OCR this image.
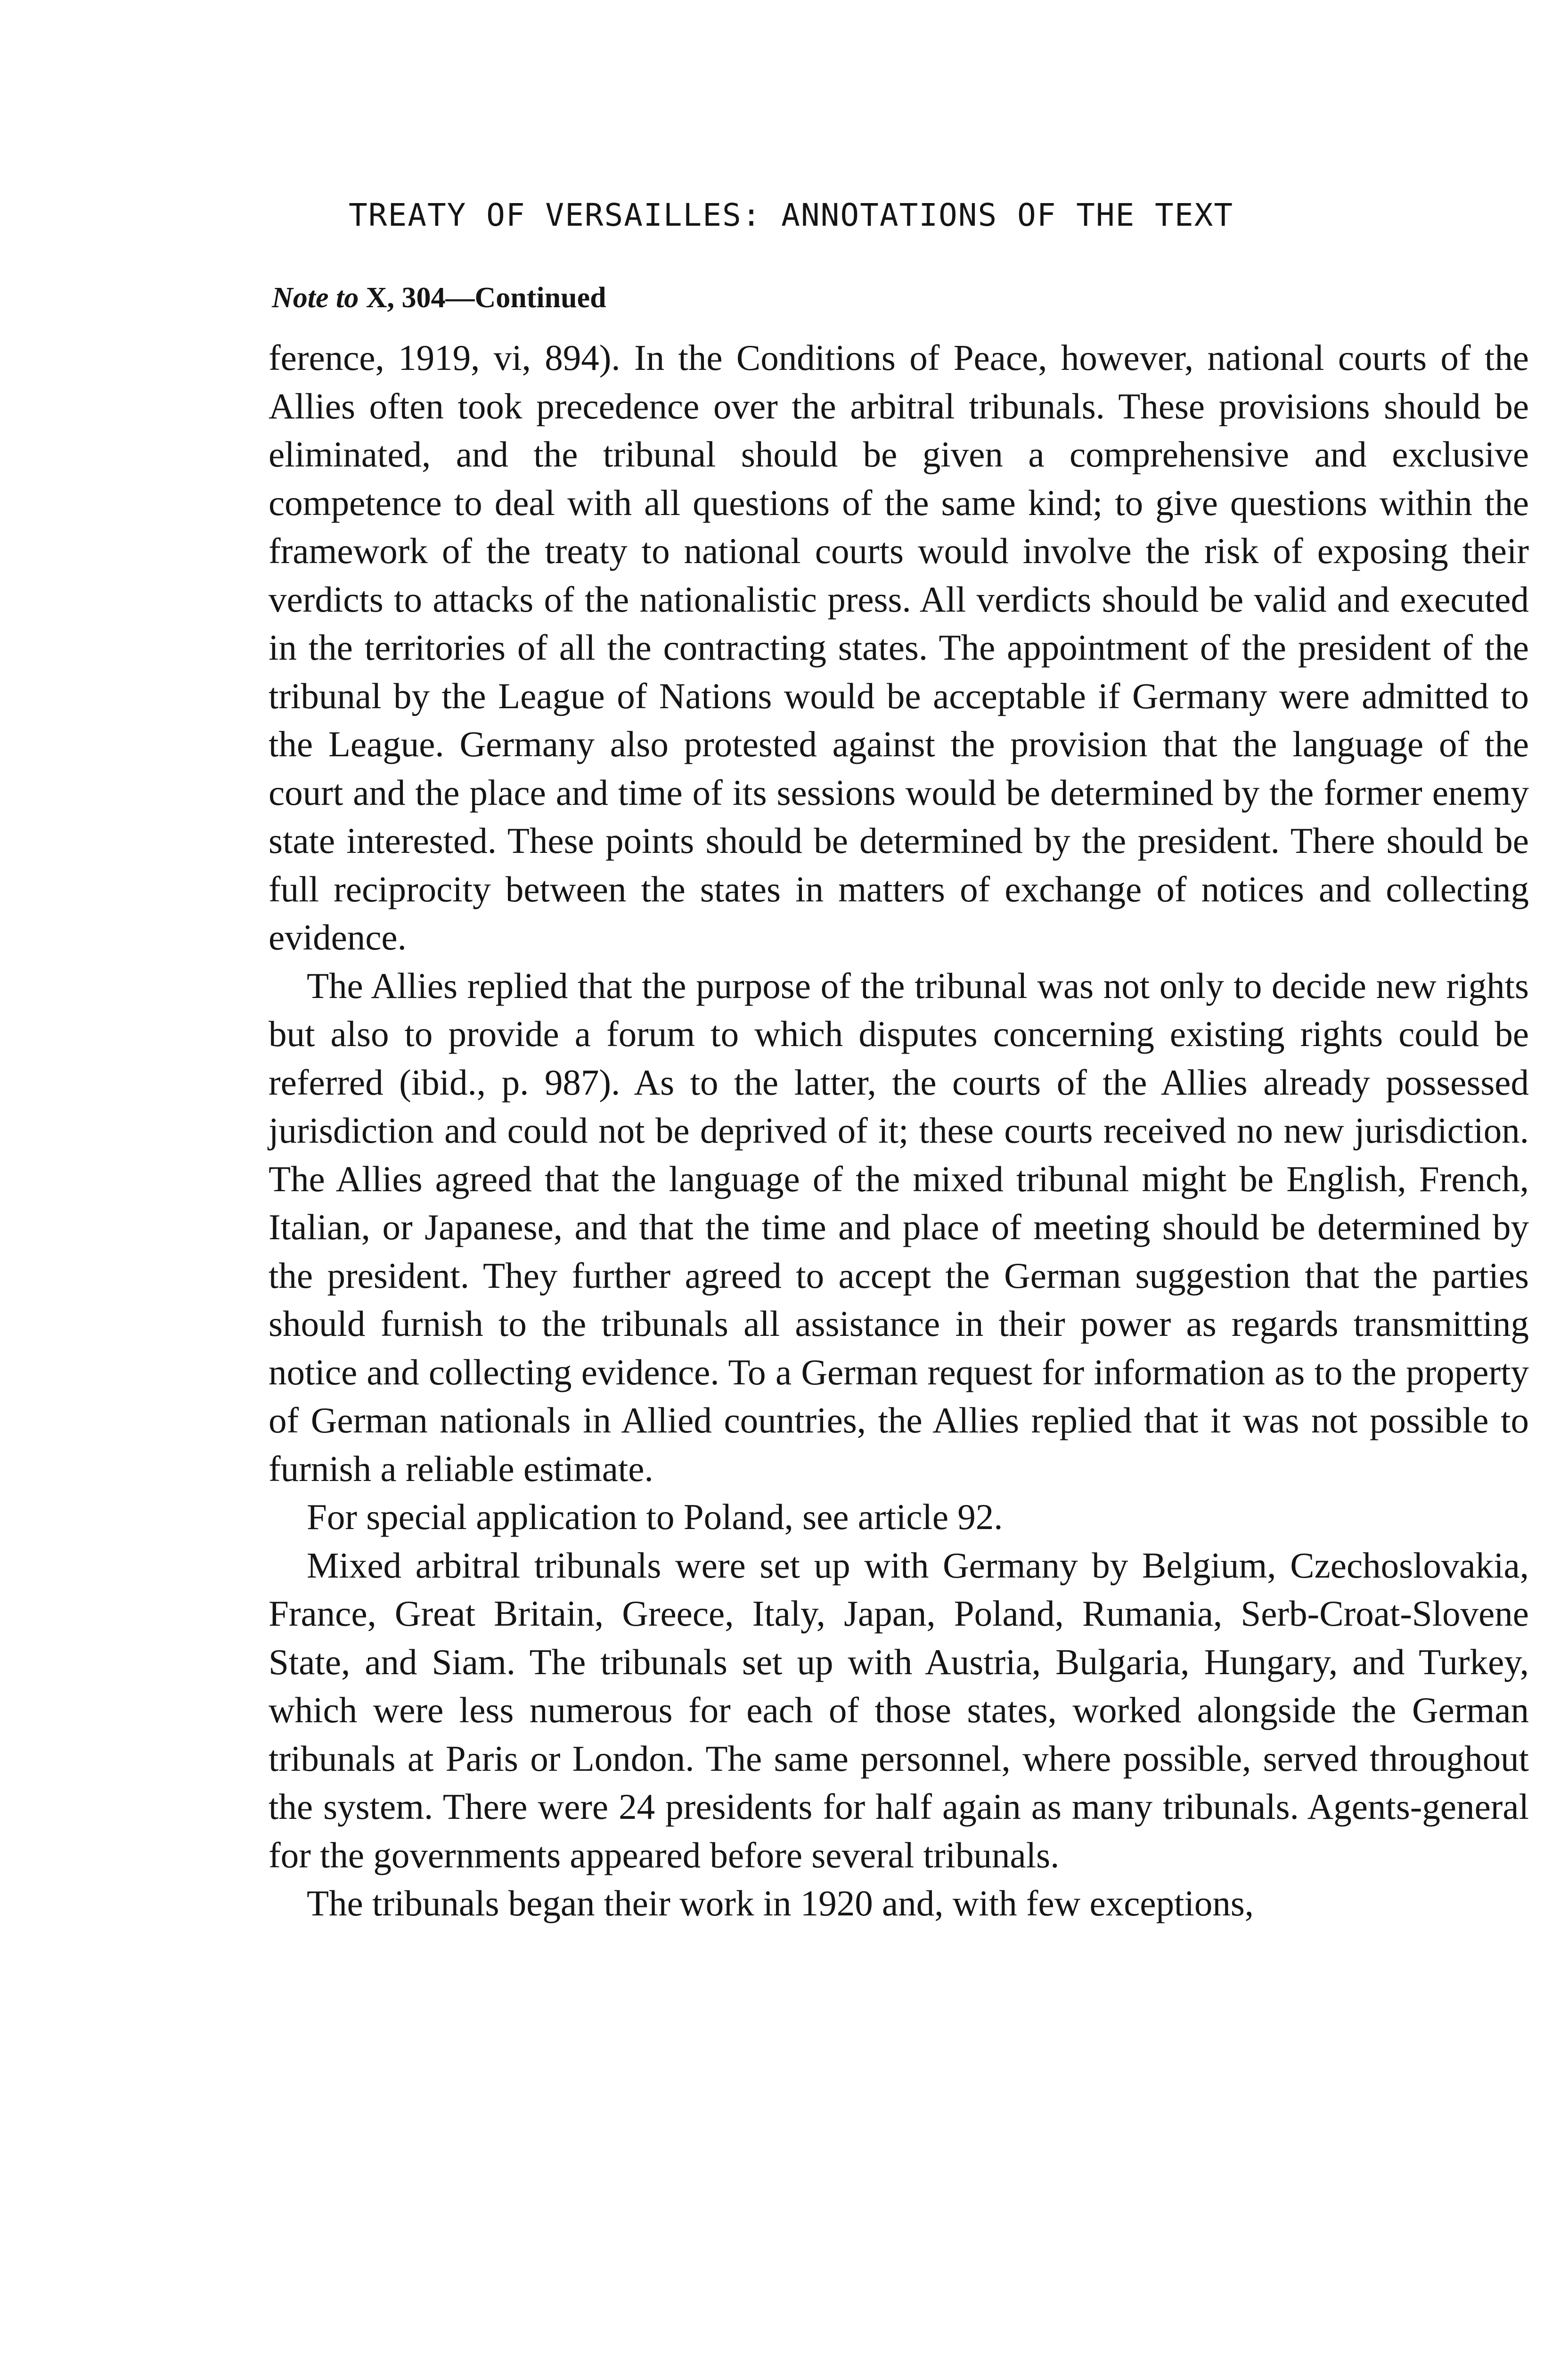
TREATY OF VERSAILLES: ANNOTATIONS OF THE TEXT
Note to X, 304—Continued

ference, 1919, vi, 894). In the Conditions of Peace, however, national courts of the Allies often took precedence over the arbitral tribunals. These provisions should be eliminated, and the tribunal should be given a comprehensive and exclusive competence to deal with all questions of the same kind; to give questions within the framework of the treaty to national courts would involve the risk of exposing their verdicts to attacks of the nationalistic press. All verdicts should be valid and executed in the territories of all the contracting states. The appointment of the president of the tribunal by the League of Nations would be acceptable if Germany were admitted to the League. Germany also protested against the provision that the language of the court and the place and time of its sessions would be determined by the former enemy state interested. These points should be determined by the president. There should be full reciprocity between the states in matters of exchange of notices and collecting evidence.

The Allies replied that the purpose of the tribunal was not only to decide new rights but also to provide a forum to which disputes concerning existing rights could be referred (ibid., p. 987). As to the latter, the courts of the Allies already possessed jurisdiction and could not be deprived of it; these courts received no new jurisdiction. The Allies agreed that the language of the mixed tribunal might be English, French, Italian, or Japanese, and that the time and place of meeting should be determined by the president. They further agreed to accept the German suggestion that the parties should furnish to the tribunals all assistance in their power as regards transmitting notice and collecting evidence. To a German request for information as to the property of German nationals in Allied countries, the Allies replied that it was not possible to furnish a reliable estimate.

For special application to Poland, see article 92.

Mixed arbitral tribunals were set up with Germany by Belgium, Czechoslovakia, France, Great Britain, Greece, Italy, Japan, Poland, Rumania, Serb-Croat-Slovene State, and Siam. The tribunals set up with Austria, Bulgaria, Hungary, and Turkey, which were less numerous for each of those states, worked alongside the German tribunals at Paris or London. The same personnel, where possible, served throughout the system. There were 24 presidents for half again as many tribunals. Agents-general for the governments appeared before several tribunals.

The tribunals began their work in 1920 and, with few exceptions,
